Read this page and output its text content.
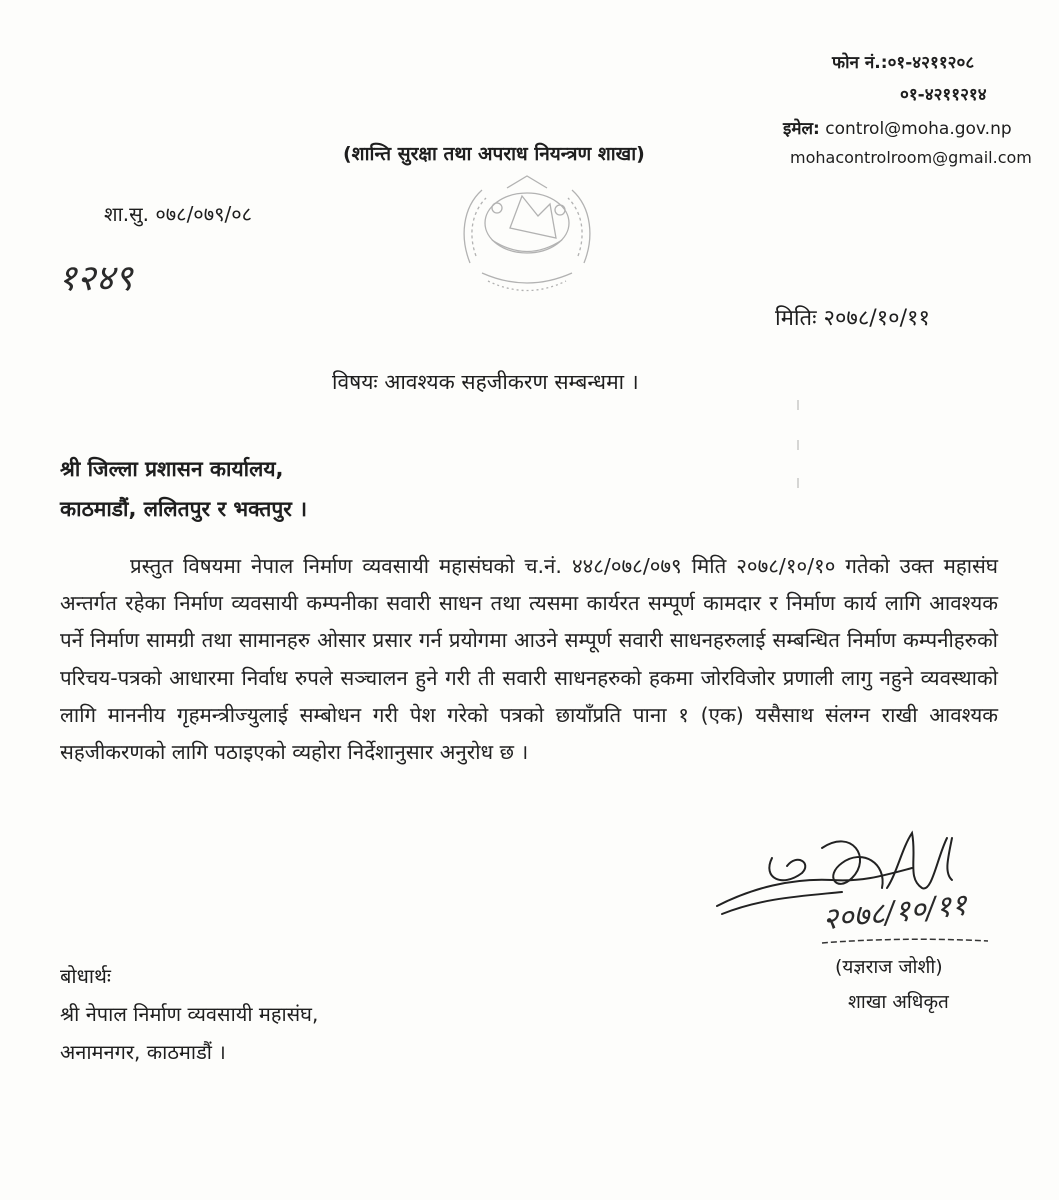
फोन नं.:०१-४२११२०८
०१-४२११२१४
इमेल: control@moha.gov.np
mohacontrolroom@gmail.com
(शान्ति सुरक्षा तथा अपराध नियन्त्रण शाखा)
शा.सु. ०७८/०७९/०८
१२४९
मितिः २०७८/१०/११
विषयः आवश्यक सहजीकरण सम्बन्धमा ।
श्री जिल्ला प्रशासन कार्यालय,
काठमाडौं, ललितपुर र भक्तपुर ।

प्रस्तुत विषयमा नेपाल निर्माण व्यवसायी महासंघको च.नं. ४४८/०७८/०७९ मिति २०७८/१०/१० गतेको उक्त महासंघ अन्तर्गत रहेका निर्माण व्यवसायी कम्पनीका सवारी साधन तथा त्यसमा कार्यरत सम्पूर्ण कामदार र निर्माण कार्य लागि आवश्यक पर्ने निर्माण सामग्री तथा सामानहरु ओसार प्रसार गर्न प्रयोगमा आउने सम्पूर्ण सवारी साधनहरुलाई सम्बन्धित निर्माण कम्पनीहरुको परिचय-पत्रको आधारमा निर्वाध रुपले सञ्चालन हुने गरी ती सवारी साधनहरुको हकमा जोरविजोर प्रणाली लागु नहुने व्यवस्थाको लागि माननीय गृहमन्त्रीज्युलाई सम्बोधन गरी पेश गरेको पत्रको छायाँप्रति पाना १ (एक) यसैसाथ संलग्न राखी आवश्यक सहजीकरणको लागि पठाइएको व्यहोरा निर्देशानुसार अनुरोध छ ।

२०७८/१०/११
(यज्ञराज जोशी)
शाखा अधिकृत
बोधार्थः
श्री नेपाल निर्माण व्यवसायी महासंघ,
अनामनगर, काठमाडौं ।
